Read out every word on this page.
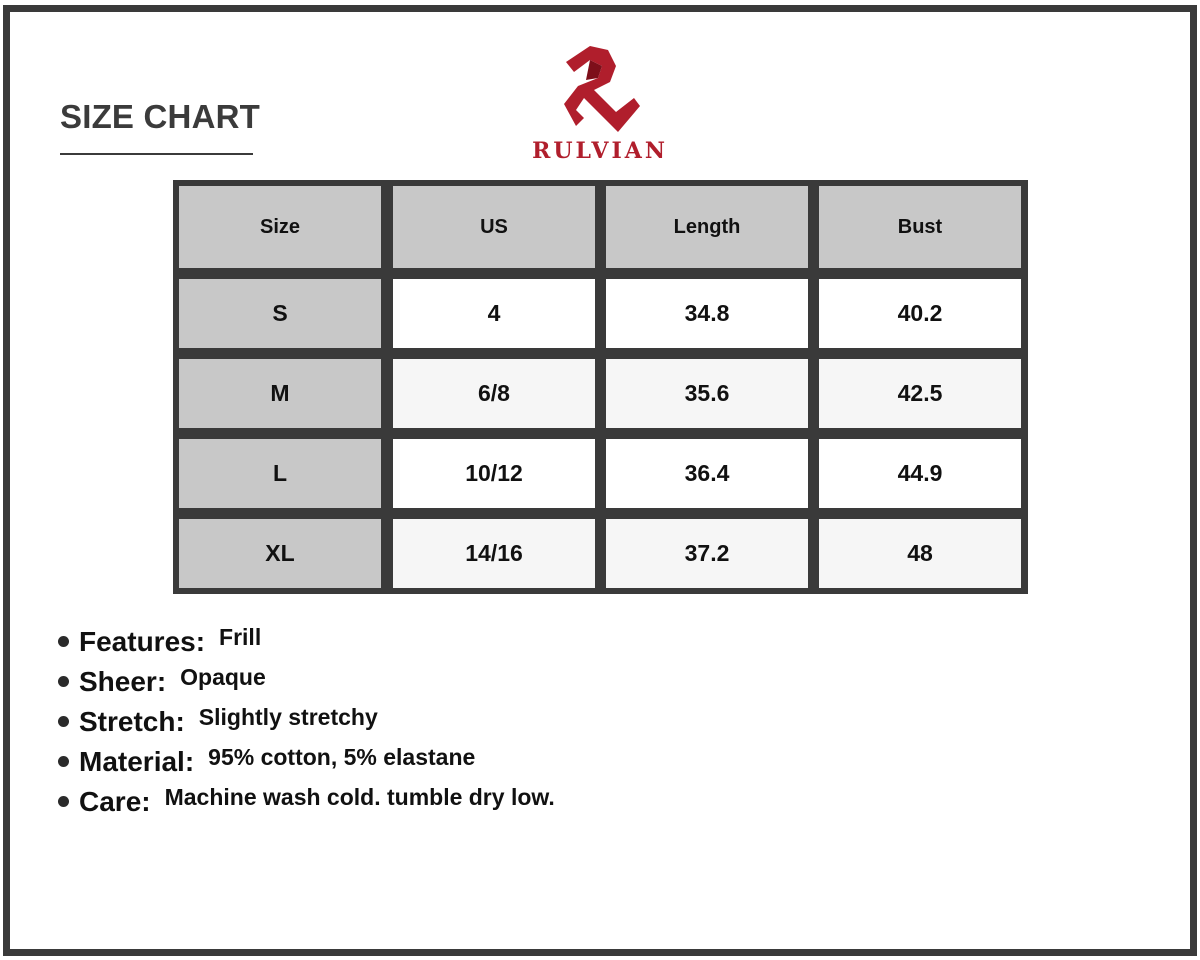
SIZE CHART
RULVIAN
Size	US	Length	Bust
S	4	34.8	40.2
M	6/8	35.6	42.5
L	10/12	36.4	44.9
XL	14/16	37.2	48
Features: Frill
Sheer: Opaque
Stretch: Slightly stretchy
Material: 95% cotton, 5% elastane
Care: Machine wash cold. tumble dry low.
